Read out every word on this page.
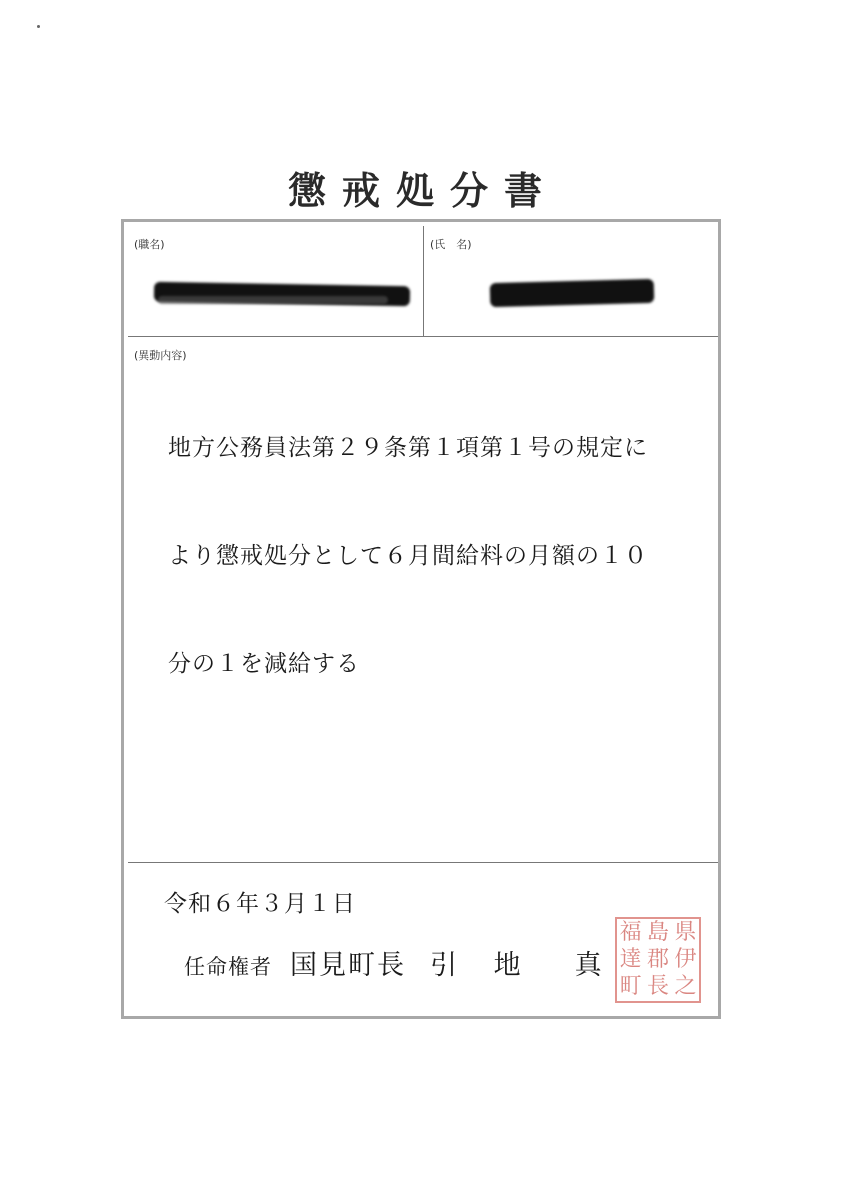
懲戒処分書
(職名)	(氏　名)
(異動内容)

地方公務員法第２９条第１項第１号の規定に

より懲戒処分として６月間給料の月額の１０

分の１を減給する

令和６年３月１日
任命権者 国見町長 引 地 真
福 島 県
達 郡 伊
町 長 之
